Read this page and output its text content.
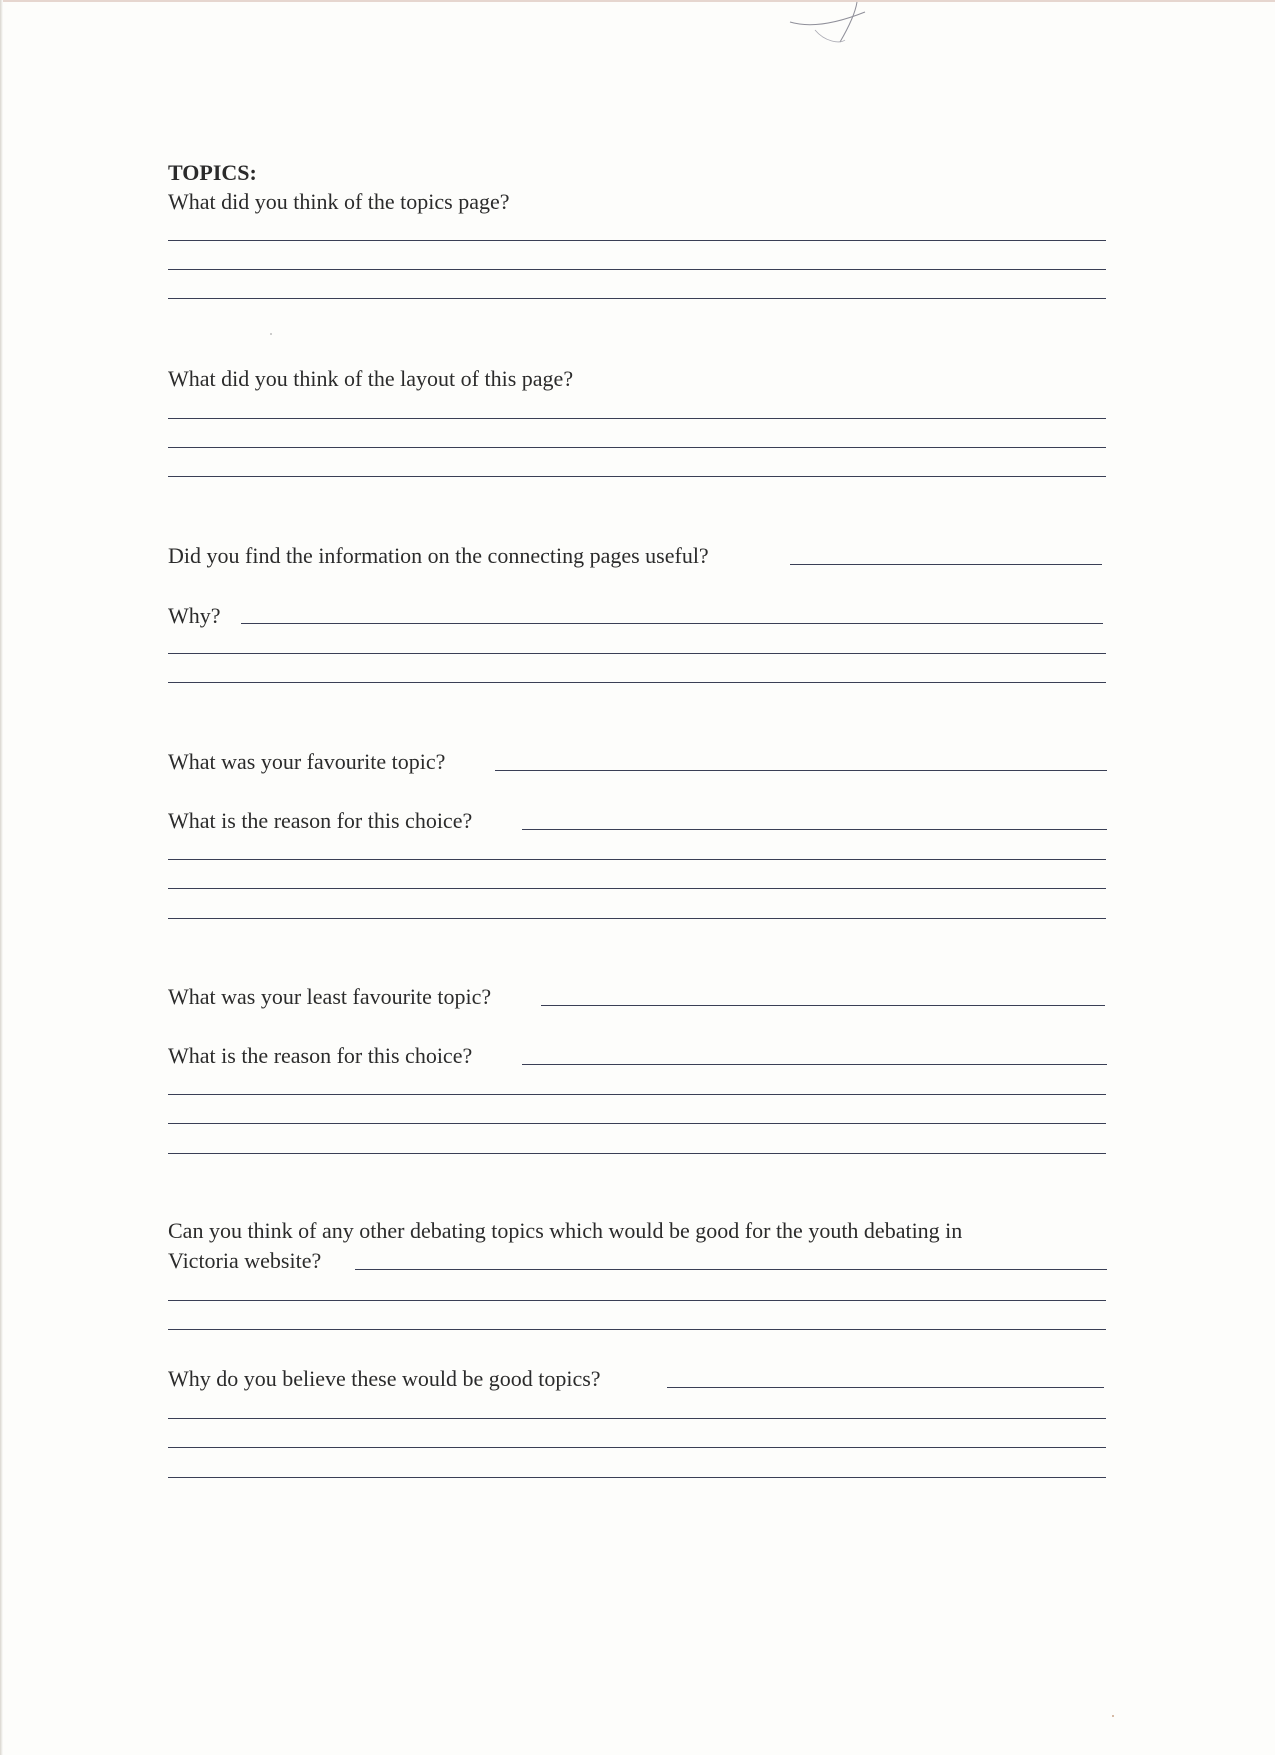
TOPICS:
What did you think of the topics page?
What did you think of the layout of this page?
Did you find the information on the connecting pages useful?
Why?
What was your favourite topic?
What is the reason for this choice?
What was your least favourite topic?
What is the reason for this choice?
Can you think of any other debating topics which would be good for the youth debating in
Victoria website?
Why do you believe these would be good topics?
